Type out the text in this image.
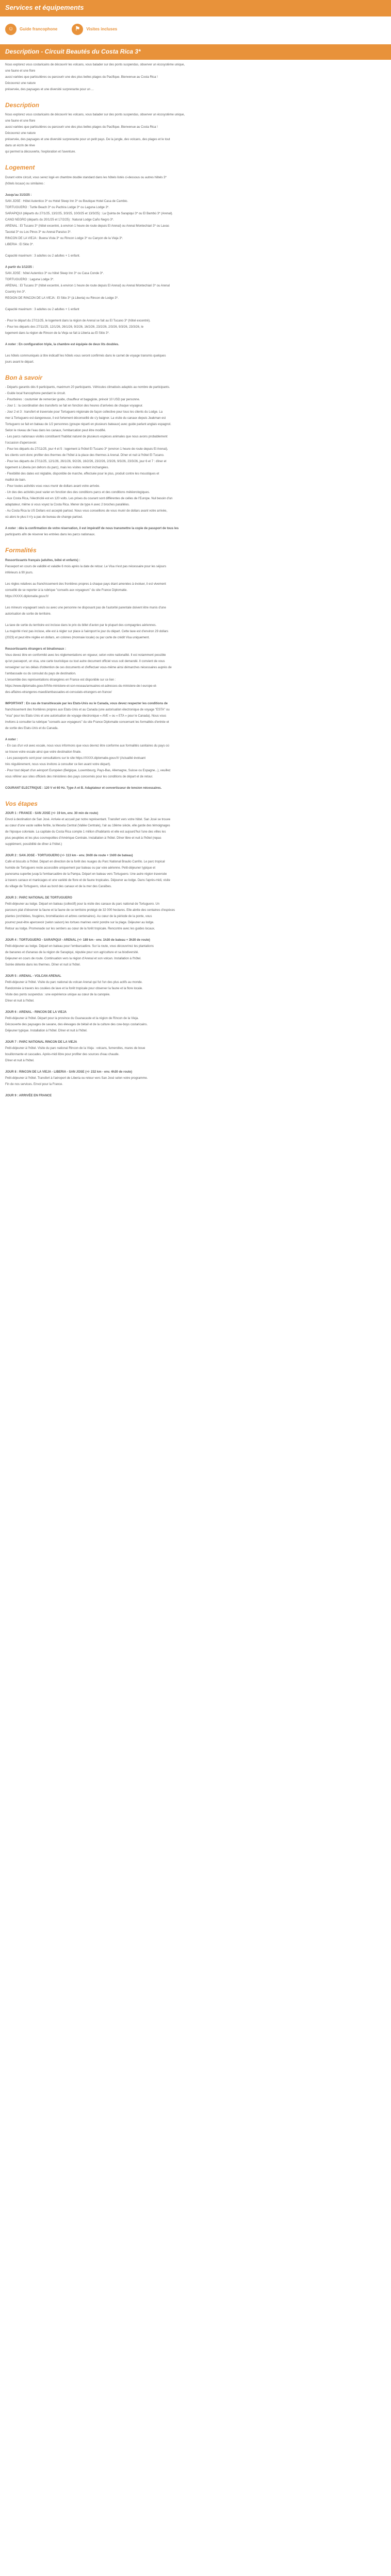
Services et équipements
☺	Guide francophone	⚑	Visites incluses
Description - Circuit Beautés du Costa Rica 3*
Nous explorez vous costaricains de découvrir les volcans, vous balader sur des ponts suspendus, observer un écosystème unique,
une faune et une flore
aussi variées que particulières ou parcourir une des plus belles plages du Pacifique. Bienvenue au Costa Rica !
Découvrez une nature
préservée, des paysages et une diversité surprenante pour un ...
Description
Nous explorez vous costaricains de découvrir les volcans, vous balader sur des ponts suspendus, observer un écosystème unique,
une faune et une flore
aussi variées que particulières ou parcourir une des plus belles plages du Pacifique. Bienvenue au Costa Rica !
Découvrez une nature
préservée, des paysages et une diversité surprenante pour un petit pays. De la jungle, des volcans, des plages et le tout
dans un écrin de rêve
qui permet la découverte, l'exploration et l'aventure.
Logement
Durant votre circuit, vous serez logé en chambre double standard dans les hôtels listés ci-dessous ou autres hôtels 3*
(hôtels locaux) ou similaires :
Jusqu'au 31/3/25 :
SAN JOSE : Hôtel Autentico 3* ou Hotel Sleep Inn 3* ou Boutique Hotel Casa de Cambio.
TORTUGUERO : Turtle Beach 3* ou Pachira Lodge 3* ou Laguna Lodge 3*.
SARAPIQUI (départs du 27/1/25, 13/2/25, 3/3/25, 10/3/25 et 13/3/25) : La Quinta de Sarapiqui 3* ou El Bambú 3* (Arenal).
CANO NEGRO (départs du 20/1/25 et 17/2/25) : Natural Lodge Caño Negro 3*.
ARENAL : El Tucano 3* (hôtel excentré, à environ 1 heure de route depuis El Arenal) ou Arenal Montechiari 3* ou Lavas
Tacotal 3* ou Los Pinos 3* ou Arenal Paraíso 3*.
RINCON DE LA VIEJA : Buena Vista 3* ou Rincon Lodge 3* ou Canyon de la Vieja 3*.
LIBERIA : El Sitio 3*.
Capacité maximum : 3 adultes ou 2 adultes + 1 enfant.
A partir du 1/12/25 :
SAN JOSE : hôtel Autentico 3* ou hôtel Sleep Inn 3* ou Casa Conde 3*.
TORTUGUERO : Laguna Lodge 3*.
ARENAL : El Tucano 3* (hôtel excentré, à environ 1 heure de route depuis El Arenal) ou Arenal Montechiari 3* ou Arenal
Country Inn 3*.
REGION DE RINCON DE LA VIEJA : El Sitio 3* (à Liberia) ou Rincon de Lodge 3*.
Capacité maximum : 3 adultes ou 2 adultes + 1 enfant
- Pour le départ du 27/11/25, le logement dans la région de Arenal se fait au El Tucano 3* (hôtel excentré).
- Pour les départs des 27/11/25, 12/1/26, 26/1/26, 9/2/26, 16/2/26, 23/2/26, 2/3/26, 9/3/26, 23/3/26, le
logement dans la région de Rincon de la Vieja se fait à Liberia au El Sitio 3*.
A noter : En configuration triple, la chambre est équipée de deux lits doubles.
Les hôtels communiqués à titre indicatif les hôtels vous seront confirmés dans le carnet de voyage transmis quelques
jours avant le départ.
Bon à savoir
- Départs garantis dès 6 participants, maximum 20 participants. Véhicules climatisés adaptés au nombre de participants.
- Guide local francophone pendant le circuit.
- Pourboires : coutumier de remercier guide, chauffeur et bagagiste, prévoir 10 USD par personne.
- Jour 1 : la coordination des transferts se fait en fonction des heures d'arrivées de chaque voyageur.
- Jour 2 et 3 : transfert et traversée pour Tortuguero régionale de façon collective pour tous les clients du Lodge. La
mer à Tortuguero est dangereuse, il est fortement déconseillé de s'y baigner. La visite du canaux depuis Jeakman est
Tortuguero se fait en bateau de 1/2 personnes (groupe réparti en plusieurs bateaux) avec guide parlant anglais espagnol.
Selon le niveau de l'eau dans les canaux, l'embarcation peut être modifié.
- Les parcs nationaux visités constituent l'habitat naturel de plusieurs espèces animales que nous avons probablement
l'occasion d'apercevoir.
- Pour les départs du 27/11/25, jour 4 et 5 : logement à l'hôtel El Tucano 3* (environ 1 heure de route depuis El Arenal),
les clients sont donc profiter des thermes de l'hôtel à la place des thermes à Arenal. Dîner et nuit à l'hôtel El Tucano.
- Pour les départs de 27/11/25, 12/1/26, 26/1/26, 9/2/26, 16/2/26, 23/2/26, 2/3/26, 9/3/26, 23/3/26, jour 6 et 7 : dîner et
logement à Liberia (en dehors du parc), mais les visites restent inchangées.
- Flexibilité des dates est réglable, disponible de marche, effectuée pour le plus, produit contre les moustiques et
maillot de bain.
- Pour toutes activités vous vous munir de dollars avant votre arrivée.
- Un des des activités peut varier en fonction des des conditions parcs et des conditions météorologiques.
- Aux Costa Rica, l'électricité est en 120 volts. Les prises du courant sont différentes de celles de l'Europe. Nul besoin d'un
adaptateur, même si vous voyez la Costa Rica. Mener de type A avec 2 broches parallèles.
- Au Costa Rica la US Dollars est accepté partout. Nous vous conseillons de vous munir de dollars avant votre arrivée,
où alors le plus il n'y a pas de bureau de change partout.
A noter : dès la confirmation de votre réservation, il est impératif de nous transmettre la copie de passport de tous les
participants afin de réserver les entrées dans les parcs nationaux.
Formalités
Ressortissants français (adultes, bébé et enfants) :
Passeport en cours de validité et valable 6 mois après la date de retour. Le Visa n'est pas nécessaire pour les séjours
inférieurs à 90 jours.
Les règles relatives au franchissement des frontières propres à chaque pays étant amenées à évoluer, il est vivement
conseillé de se reporter à la rubrique "conseils aux voyageurs" du site France Diplomatie.
https://XXXX.diplomatie.gouv.fr/
Les mineurs voyageant seuls ou avec une personne ne disposant pas de l'autorité parentale doivent être munis d'une
autorisation de sortie de territoire.
La taxe de sortie du territoire est incluse dans le prix du billet d'avion par le plupart des compagnies aériennes.
La majorité n'est pas incluse, elle est à régler sur place à l'aéroport le jour du départ. Cette taxe est d'environ 29 dollars
(2023) et peut être réglée en dollars, en colones (monnaie locale) ou par carte de crédit Visa uniquement.
Ressortissants étrangers et binationaux :
Vous devez être en conformité avec les réglementations en vigueur, selon votre nationalité. Il est notamment possible
qu'un passeport, un visa, une carte touristique ou tout autre document officiel vous soit demandé. Il convient de vous
renseigner sur les délais d'obtention de ces documents et d'effectuer vous-même ainsi démarches nécessaires auprès de
l'ambassade ou du consulat du pays de destination.
L'ensemble des représentations étrangères en France est disponible sur ce lien :
https://www.diplomatie.gouv.fr/fr/le-ministere-et-son-reseau/annuaires-et-adresses-du-ministere-de-l-europe-et-
des-affaires-etrangeres-maedi/ambassades-et-consulats-etrangers-en-france/
IMPORTANT : En cas de transit/escale par les Etats-Unis ou le Canada, vous devez respecter les conditions de
franchissement des frontières propres aux Etats-Unis et au Canada (une autorisation électronique de voyage "ESTA" ou
"visa" pour les Etats-Unis et une autorisation de voyage électronique « AVE » ou « ETA » pour le Canada). Nous vous
invitons à consulter la rubrique "conseils aux voyageurs" du site France Diplomatie concernant les formalités d'entrée et
de sortie des Etats-Unis et du Canada.
A noter :
- En cas d'un vol avec escale, nous vous informons que vous devrez être conforme aux formalités sanitaires du pays où
se trouve votre escale ainsi que votre destination finale.
- Les passeports sont pour consultations sur le site https://XXXX.diplomatie.gouv.fr/ (Actualité évoluant
très régulièrement, nous vous invitons à consulter ce lien avant votre départ).
- Pour tout départ d'un aéroport Européen (Belgique, Luxembourg, Pays-Bas, Allemagne, Suisse ou Espagne...), veuillez
vous référer aux sites officiels des ministères des pays concernés pour les conditions de départ et de retour.
COURANT ELECTRIQUE : 120 V et 60 Hz. Type A et B. Adaptateur et convertisseur de tension nécessaires.
Vos étapes
JOUR 1 : FRANCE - SAN JOSE (+/- 19 km, env. 30 min de route)
Envol à destination de San José. Arrivée et accueil par notre représentant. Transfert vers votre hôtel. San José se trouve
au cœur d'une vaste vallée fertile, la Meseta Central (Vallée Centrale), l'air au 18ème siècle, elle garde des témoignages
de l'époque coloniale. La capitale du Costa Rica compte 1 million d'habitants et elle est aujourd'hui l'une des villes les
plus peuplées et les plus cosmopolites d'Amérique Centrale. Installation à l'hôtel. Dîner libre et nuit à l'hôtel (repas
supplément, possibilité de dîner à l'hôtel.)
JOUR 2 : SAN JOSE - TORTUGUERO (+/- 113 km - env. 3h00 de route + 1h00 de bateau)
Café et biscuits à l'hôtel. Départ en direction de la forêt des nuages du Parc National Braulio Carrillo. Le parc tropical
humide de Tortuguero reste accessible uniquement par bateau ou par voie aérienne. Petit-déjeuner typique et
panorama superbe jusqu'à l'embarcadère de la Pampa. Départ en bateau vers Tortuguero. Une autre région traversée
à travers canaux et marécages et une variété de flore et de faune tropicales. Déjeuner au lodge. Dans l'après-midi, visite
du village de Tortuguero, situé au bord des canaux et de la mer des Caraïbes.
JOUR 3 : PARC NATIONAL DE TORTUGUERO
Petit-déjeuner au lodge. Départ en bateau (collectif) pour la visite des canaux du parc national de Tortuguero. Un
parcours plat d'observer la faune et la faune de ce territoire protégé de 32 000 hectares. Elle abrite des centaines d'espèces
plantes (orchidées, fougères, broméliacées et arbres centenaires). Au cœur de la période de la ponte, vous
pourrez peut-être apercevoir (selon saison) les tortues marines venir pondre sur la plage. Déjeuner au lodge.
Retour au lodge. Promenade sur les sentiers au cœur de la forêt tropicale. Rencontre avec les guides locaux.
JOUR 4 : TORTUGUERO - SARAPIQUI - ARENAL (+/- 189 km - env. 1h30 de bateau + 3h30 de route)
Petit-déjeuner au lodge. Départ en bateau pour l'embarcadère. Sur la route, vous découvrirez les plantations
de bananes et d'ananas de la région de Sarapiqui, réputée pour son agriculture et sa biodiversité.
Déjeuner en cours de route. Continuation vers la région d'Arenal et son volcan. Installation à l'hôtel.
Soirée détente dans les thermes. Dîner et nuit à l'hôtel.
JOUR 5 : ARENAL - VOLCAN ARENAL
Petit-déjeuner à l'hôtel. Visite du parc national du volcan Arenal qui fut l'un des plus actifs au monde.
Randonnée à travers les coulées de lave et la forêt tropicale pour observer la faune et la flore locale.
Visite des ponts suspendus : une expérience unique au cœur de la canopée.
Dîner et nuit à l'hôtel.
JOUR 6 : ARENAL - RINCON DE LA VIEJA
Petit-déjeuner à l'hôtel. Départ pour la province du Guanacaste et la région de Rincon de la Vieja.
Découverte des paysages de savane, des élevages de bétail et de la culture des cow-boys costaricains.
Déjeuner typique. Installation à l'hôtel. Dîner et nuit à l'hôtel.
JOUR 7 : PARC NATIONAL RINCON DE LA VIEJA
Petit-déjeuner à l'hôtel. Visite du parc national Rincon de la Vieja : volcans, fumerolles, mares de boue
bouillonnante et cascades. Après-midi libre pour profiter des sources d'eau chaude.
Dîner et nuit à l'hôtel.
JOUR 8 : RINCON DE LA VIEJA - LIBERIA - SAN JOSE (+/- 232 km - env. 4h30 de route)
Petit-déjeuner à l'hôtel. Transfert à l'aéroport de Liberia ou retour vers San José selon votre programme.
Fin de nos services. Envol pour la France.
JOUR 9 : ARRIVÉE EN FRANCE
